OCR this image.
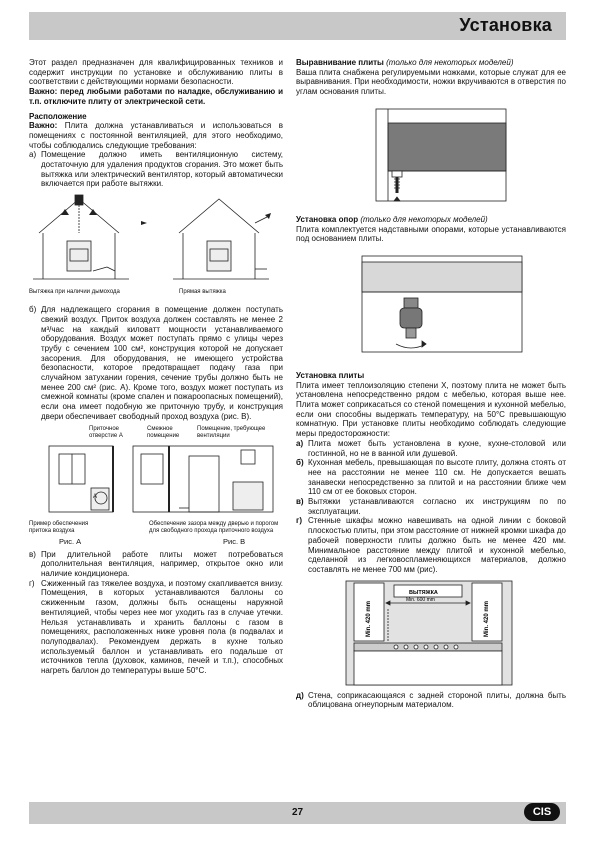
Установка

Этот раздел предназначен для квалифицированных техников и содержит инструкции по установке и обслуживанию плиты в соответствии с действующими нормами безопасности.

Важно: перед любыми работами по наладке, обслуживанию и т.п. отключите плиту от электрической сети.

Расположение

Важно: Плита должна устанавливаться и использоваться в помещениях с постоянной вентиляцией, для этого необходимо, чтобы соблюдались следующие требования:

а) Помещение должно иметь вентиляционную систему, достаточную для удаления продуктов сгорания. Это может быть вытяжка или электрический вентилятор, который автоматически включается при работе вытяжки.
Вытяжка при наличии дымохода	Прямая вытяжка
б) Для надлежащего сгорания в помещение должен поступать свежий воздух. Приток воздуха должен составлять не менее 2 м³/час на каждый киловатт мощности устанавливаемого оборудования. Воздух может поступать прямо с улицы через трубу с сечением 100 см², конструкция которой не допускает засорения. Для оборудования, не имеющего устройства безопасности, которое предотвращает подачу газа при случайном затухании горения, сечение трубы должно быть не менее 200 см² (рис. А). Кроме того, воздух может поступать из смежной комнаты (кроме спален и пожароопасных помещений), если она имеет подобную же приточную трубу, и конструкция двери обеспечивает свободный проход воздуха (рис. В).
Приточное отверстие А
Смежное помещение
Помещение, требующее вентиляции
А
Пример обеспечения притока воздуха
Обеспечение зазора между дверью и порогом для свободного прохода приточного воздуха
Рис. A	Рис. B
в) При длительной работе плиты может потребоваться дополнительная вентиляция, например, открытое окно или наличие кондиционера.
г) Сжиженный газ тяжелее воздуха, и поэтому скапливается внизу. Помещения, в которых устанавливаются баллоны со сжиженным газом, должны быть оснащены наружной вентиляцией, чтобы через нее мог уходить газ в случае утечки. Нельзя устанавливать и хранить баллоны с газом в помещениях, расположенных ниже уровня пола (в подвалах и полуподвалах). Рекомендуем держать в кухне только используемый баллон и устанавливать его подальше от источников тепла (духовок, каминов, печей и т.п.), способных нагреть баллон до температуры выше 50°C.

Выравнивание плиты (только для некоторых моделей)

Ваша плита снабжена регулируемыми ножками, которые служат для ее выравнивания. При необходимости, ножки вкручиваются в отверстия по углам основания плиты.

Установка опор (только для некоторых моделей)

Плита комплектуется надставными опорами, которые устанавливаются под основанием плиты.

Установка плиты

Плита имеет теплоизоляцию степени X, поэтому плита не может быть установлена непосредственно рядом с мебелью, которая выше нее. Плита может соприкасаться со стеной помещения и кухонной мебелью, если они способны выдержать температуру, на 50°C превышающую комнатную. При установке плиты необходимо соблюдать следующие меры предосторожности:

а) Плита может быть установлена в кухне, кухне-столовой или гостинной, но не в ванной или душевой.
б) Кухонная мебель, превышающая по высоте плиту, должна стоять от нее на расстоянии не менее 110 см. Не допускается вешать занавески непосредственно за плитой и на расстоянии ближе чем 110 см от ее боковых сторон.
в) Вытяжки устанавливаются согласно их инструкциям по по эксплуатации.
г) Стенные шкафы можно навешивать на одной линии с боковой плоскостью плиты, при этом расстояние от нижней кромки шкафа до рабочей поверхности плиты должно быть не менее 420 мм. Минимальное расстояние между плитой и кухонной мебелью, сделанной из легковоспламеняющихся материалов, должно составлять не менее 700 мм (рис).
ВЫТЯЖКА
Min. 600 mm
Min. 420 mm	Min. 420 mm
д) Стена, соприкасающаяся с задней стороной плиты, должна быть облицована огнеупорным материалом.
27	CIS
